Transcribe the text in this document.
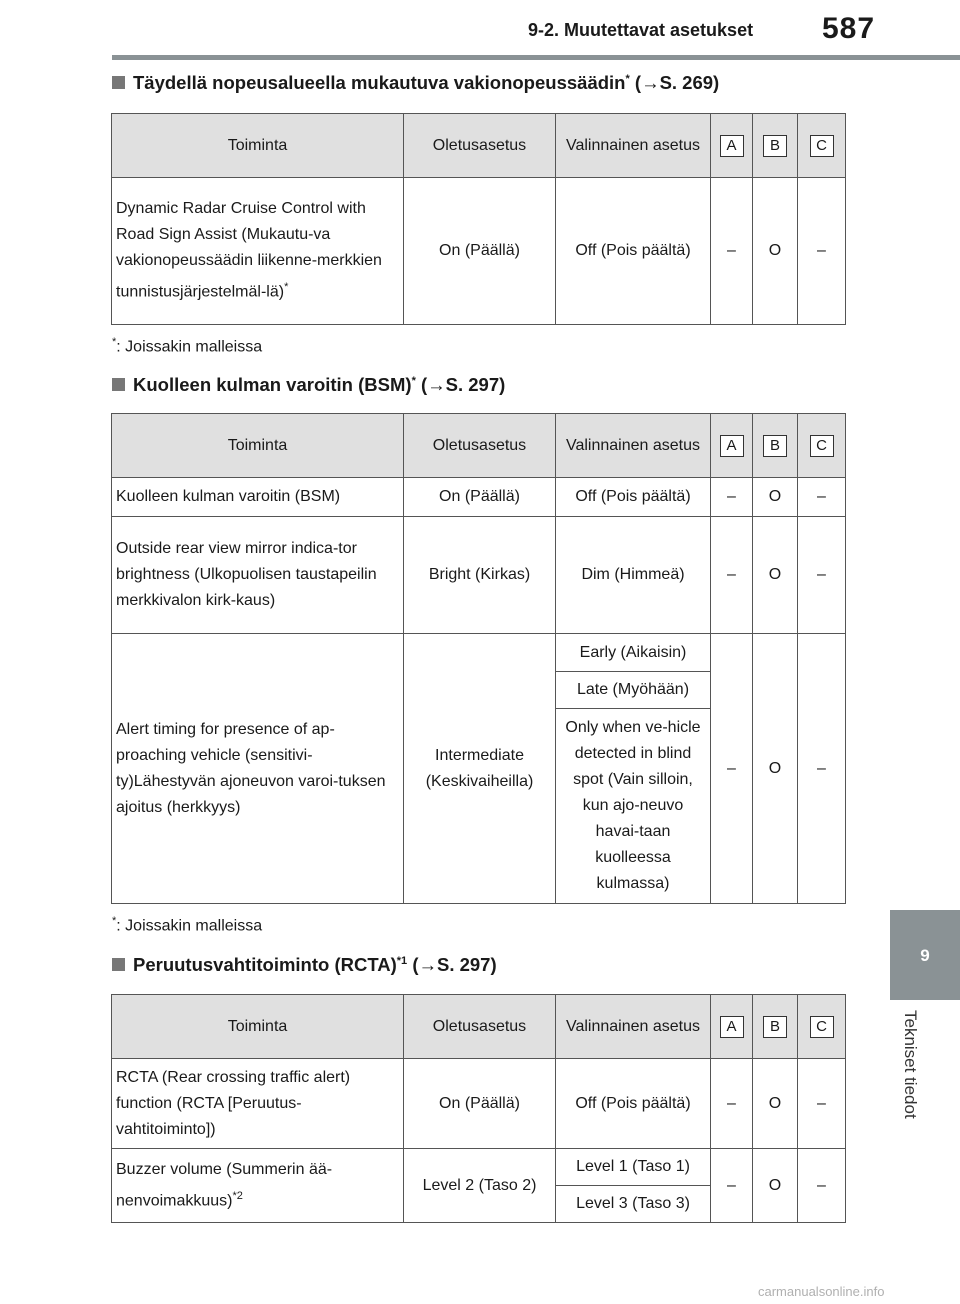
9-2. Muutettavat asetukset 587
9
Tekniset tiedot
Täydellä nopeusalueella mukautuva vakionopeussäädin* (→S. 269)
Toiminta	Oletusasetus	Valinnainen asetus	A	B	C
Dynamic Radar Cruise Control with Road Sign Assist (Mukautu-va vakionopeussäädin liikenne-merkkien tunnistusjärjestelmäl-lä)*	On (Päällä)	Off (Pois päältä)	–	O	–
*: Joissakin malleissa
Kuolleen kulman varoitin (BSM)* (→S. 297)
Toiminta	Oletusasetus	Valinnainen asetus	A	B	C
Kuolleen kulman varoitin (BSM)	On (Päällä)	Off (Pois päältä)	–	O	–
Outside rear view mirror indica-tor brightness (Ulkopuolisen taustapeilin merkkivalon kirk-kaus)	Bright (Kirkas)	Dim (Himmeä)	–	O	–
Alert timing for presence of ap-proaching vehicle (sensitivi-ty)Lähestyvän ajoneuvon varoi-tuksen ajoitus (herkkyys)	Intermediate (Keskivaiheilla)	Early (Aikaisin)	–	O	–
		Late (Myöhään)			
		Only when ve-hicle detected in blind spot (Vain silloin, kun ajo-neuvo havai-taan kuolleessa kulmassa)			
*: Joissakin malleissa
Peruutusvahtitoiminto (RCTA)$^{*1}$ (→S. 297)
Toiminta	Oletusasetus	Valinnainen asetus	A	B	C
RCTA (Rear crossing traffic alert) function (RCTA [Peruutus-vahtitoiminto])	On (Päällä)	Off (Pois päältä)	–	O	–
Buzzer volume (Summerin ää-nenvoimakkuus)$^{*2}$	Level 2 (Taso 2)	Level 1 (Taso 1)	–	O	–
		Level 3 (Taso 3)			
carmanualsonline.info
